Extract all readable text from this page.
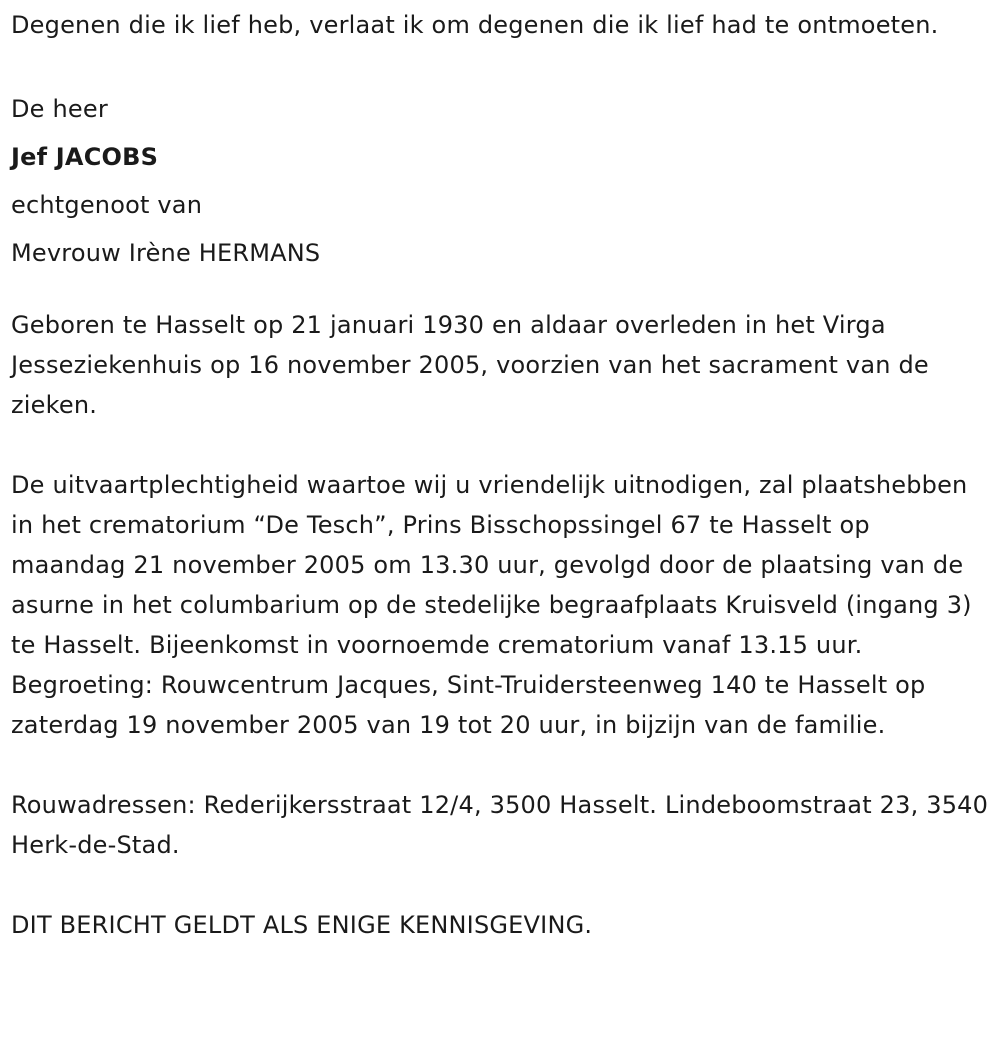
Degenen die ik lief heb, verlaat ik om degenen die ik lief had te ontmoeten.

De heer

Jef JACOBS

echtgenoot van

Mevrouw Irène HERMANS

Geboren te Hasselt op 21 januari 1930 en aldaar overleden in het Virga Jesseziekenhuis op 16 november 2005, voorzien van het sacrament van de zieken.

De uitvaartplechtigheid waartoe wij u vriendelijk uitnodigen, zal plaatshebben in het crematorium “De Tesch”, Prins Bisschopssingel 67 te Hasselt op maandag 21 november 2005 om 13.30 uur, gevolgd door de plaatsing van de asurne in het columbarium op de stedelijke begraafplaats Kruisveld (ingang 3) te Hasselt. Bijeenkomst in voornoemde crematorium vanaf 13.15 uur. Begroeting: Rouwcentrum Jacques, Sint-Truidersteenweg 140 te Hasselt op zaterdag 19 november 2005 van 19 tot 20 uur, in bijzijn van de familie.

Rouwadressen: Rederijkersstraat 12/4, 3500 Hasselt. Lindeboomstraat 23, 3540 Herk-de-Stad.

DIT BERICHT GELDT ALS ENIGE KENNISGEVING.
